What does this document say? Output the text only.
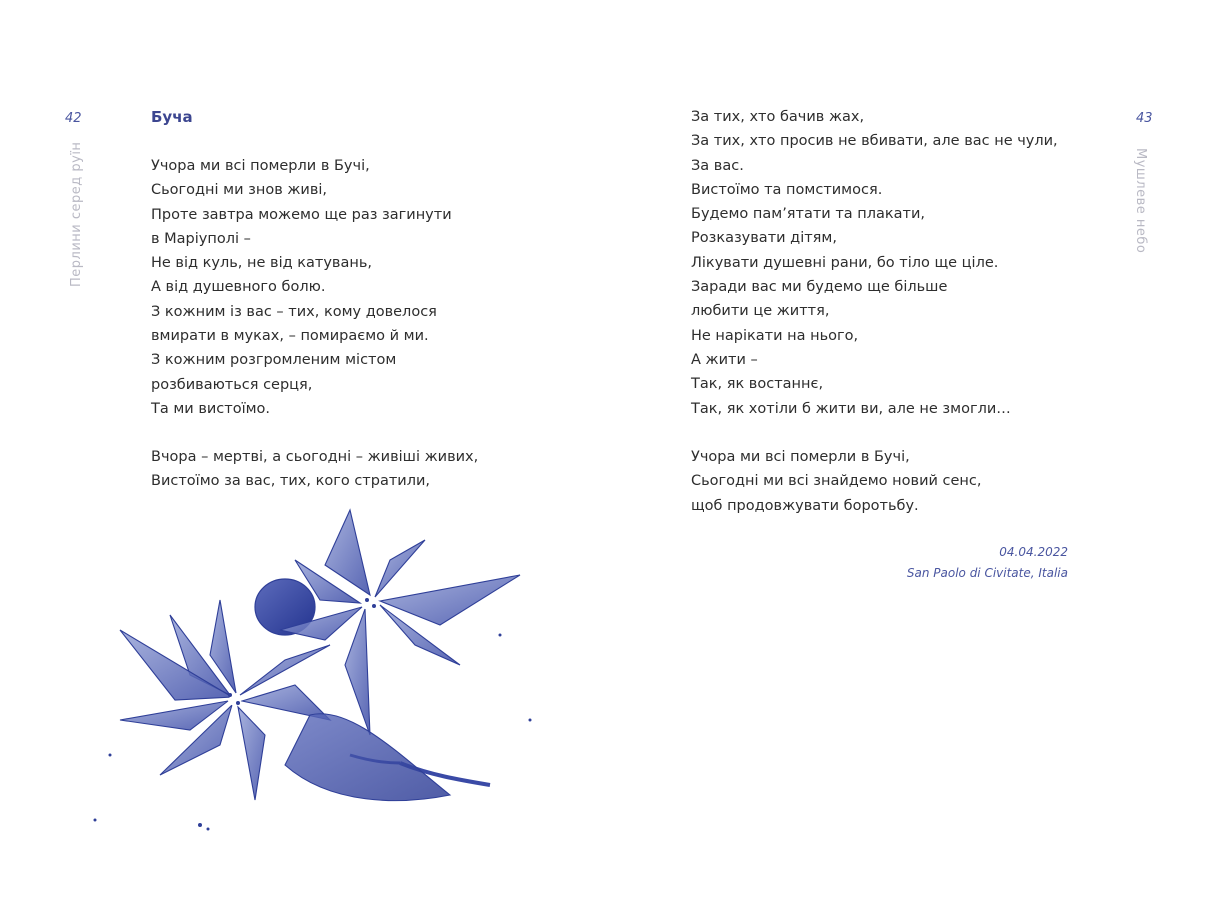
42	Буча
Учора ми всі померли в Бучі,
Сьогодні ми знов живі,
Проте завтра можемо ще раз загинути
в Маріуполі –
Не від куль, не від катувань,
А від душевного болю.
З кожним із вас – тих, кому довелося
вмирати в муках, – помираємо й ми.
З кожним розгромленим містом
розбиваються серця,
Та ми вистоїмо.
Вчора – мертві, а сьогодні – живіші живих,
Вистоїмо за вас, тих, кого стратили,
Перлини серед руїн
43
Мушлеве небо
За тих, хто бачив жах,
За тих, хто просив не вбивати, але вас не чули,
За вас.
Вистоїмо та помстимося.
Будемо пам’ятати та плакати,
Розказувати дітям,
Лікувати душевні рани, бо тіло ще ціле.
Заради вас ми будемо ще більше
любити це життя,
Не нарікати на нього,
А жити –
Так, як востаннє,
Так, як хотіли б жити ви, але не змогли…
Учора ми всі померли в Бучі,
Сьогодні ми всі знайдемо новий сенс,
щоб продовжувати боротьбу.
04.04.2022
San Paolo di Civitate, Italia
